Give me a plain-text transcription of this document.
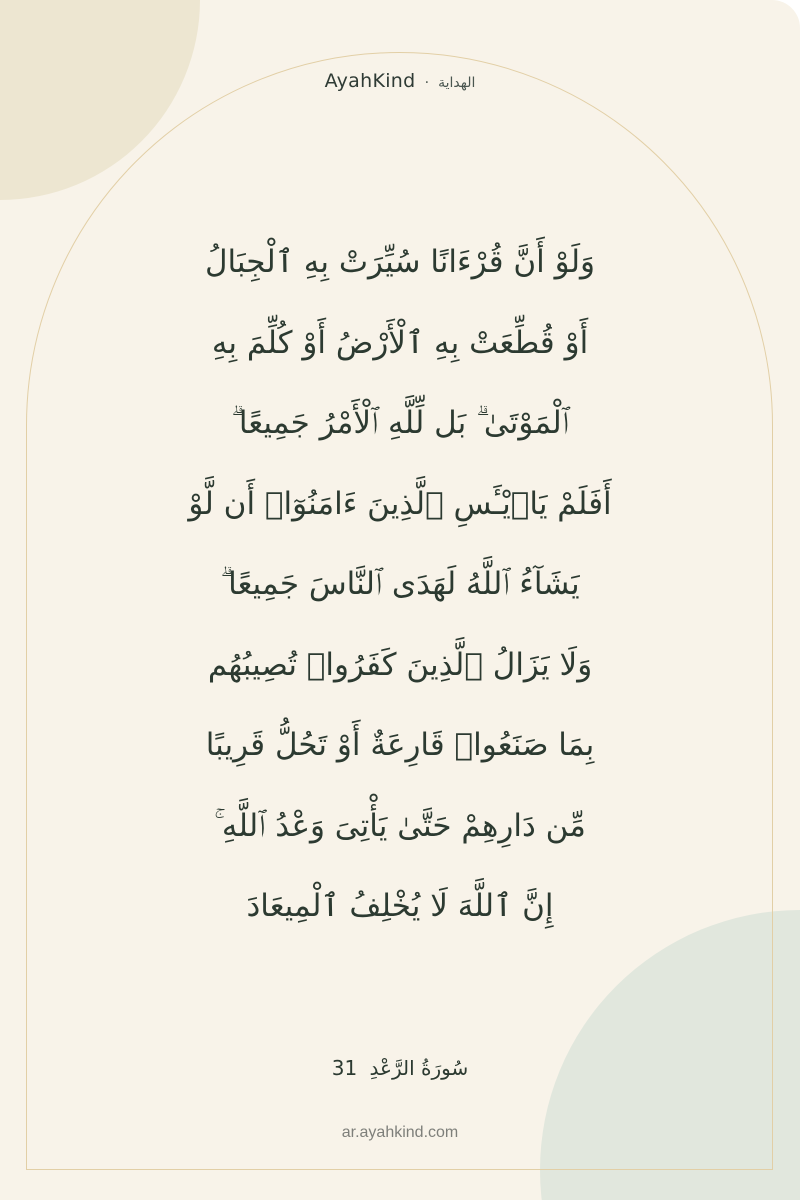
AyahKind · الهداية
وَلَوْ أَنَّ قُرْءَانًا سُيِّرَتْ بِهِ ٱلْجِبَالُ
أَوْ قُطِّعَتْ بِهِ ٱلْأَرْضُ أَوْ كُلِّمَ بِهِ
ٱلْمَوْتَىٰ ۗ بَل لِّلَّهِ ٱلْأَمْرُ جَمِيعًا ۗ
أَفَلَمْ يَا۟يْـَٔسِ ٱلَّذِينَ ءَامَنُوٓا۟ أَن لَّوْ
يَشَآءُ ٱللَّهُ لَهَدَى ٱلنَّاسَ جَمِيعًا ۗ
وَلَا يَزَالُ ٱلَّذِينَ كَفَرُوا۟ تُصِيبُهُم
بِمَا صَنَعُوا۟ قَارِعَةٌ أَوْ تَحُلُّ قَرِيبًا
مِّن دَارِهِمْ حَتَّىٰ يَأْتِىَ وَعْدُ ٱللَّهِ ۚ
إِنَّ ٱللَّهَ لَا يُخْلِفُ ٱلْمِيعَادَ
سُورَةُ الرَّعْدِ 31
ar.ayahkind.com
